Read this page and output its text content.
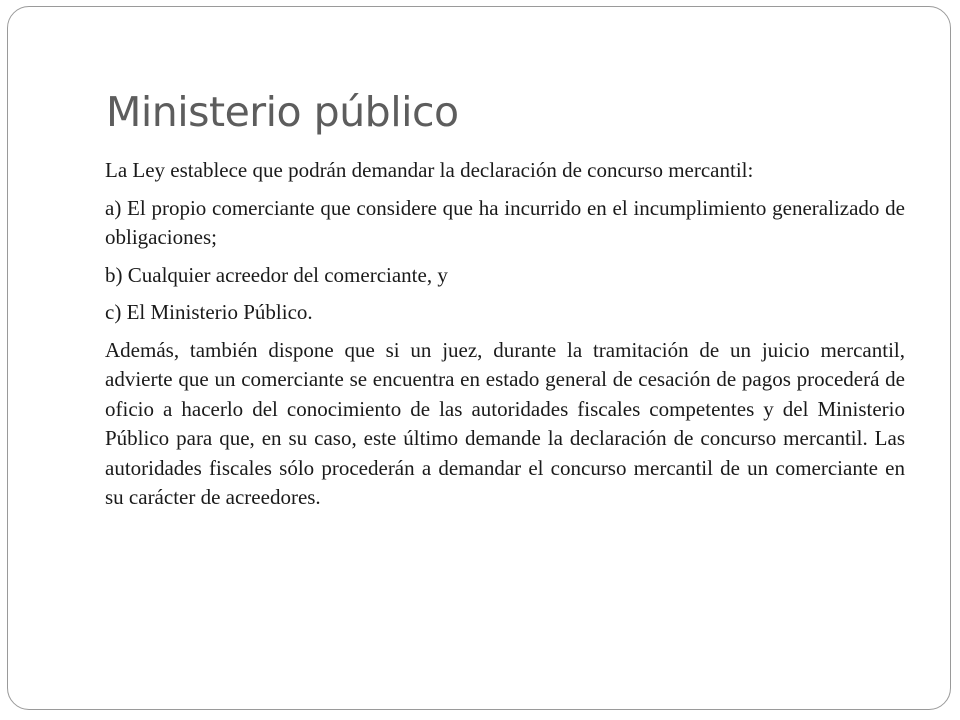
Ministerio público

La Ley establece que podrán demandar la declaración de concurso mercantil:

a) El propio comerciante que considere que ha incurrido en el incumplimiento generalizado de obligaciones;

b) Cualquier acreedor del comerciante, y

c) El Ministerio Público.

Además, también dispone que si un juez, durante la tramitación de un juicio mercantil, advierte que un comerciante se encuentra en estado general de cesación de pagos procederá de oficio a hacerlo del conocimiento de las autoridades fiscales competentes y del Ministerio Público para que, en su caso, este último demande la declaración de concurso mercantil. Las autoridades fiscales sólo procederán a demandar el concurso mercantil de un comerciante en su carácter de acreedores.
